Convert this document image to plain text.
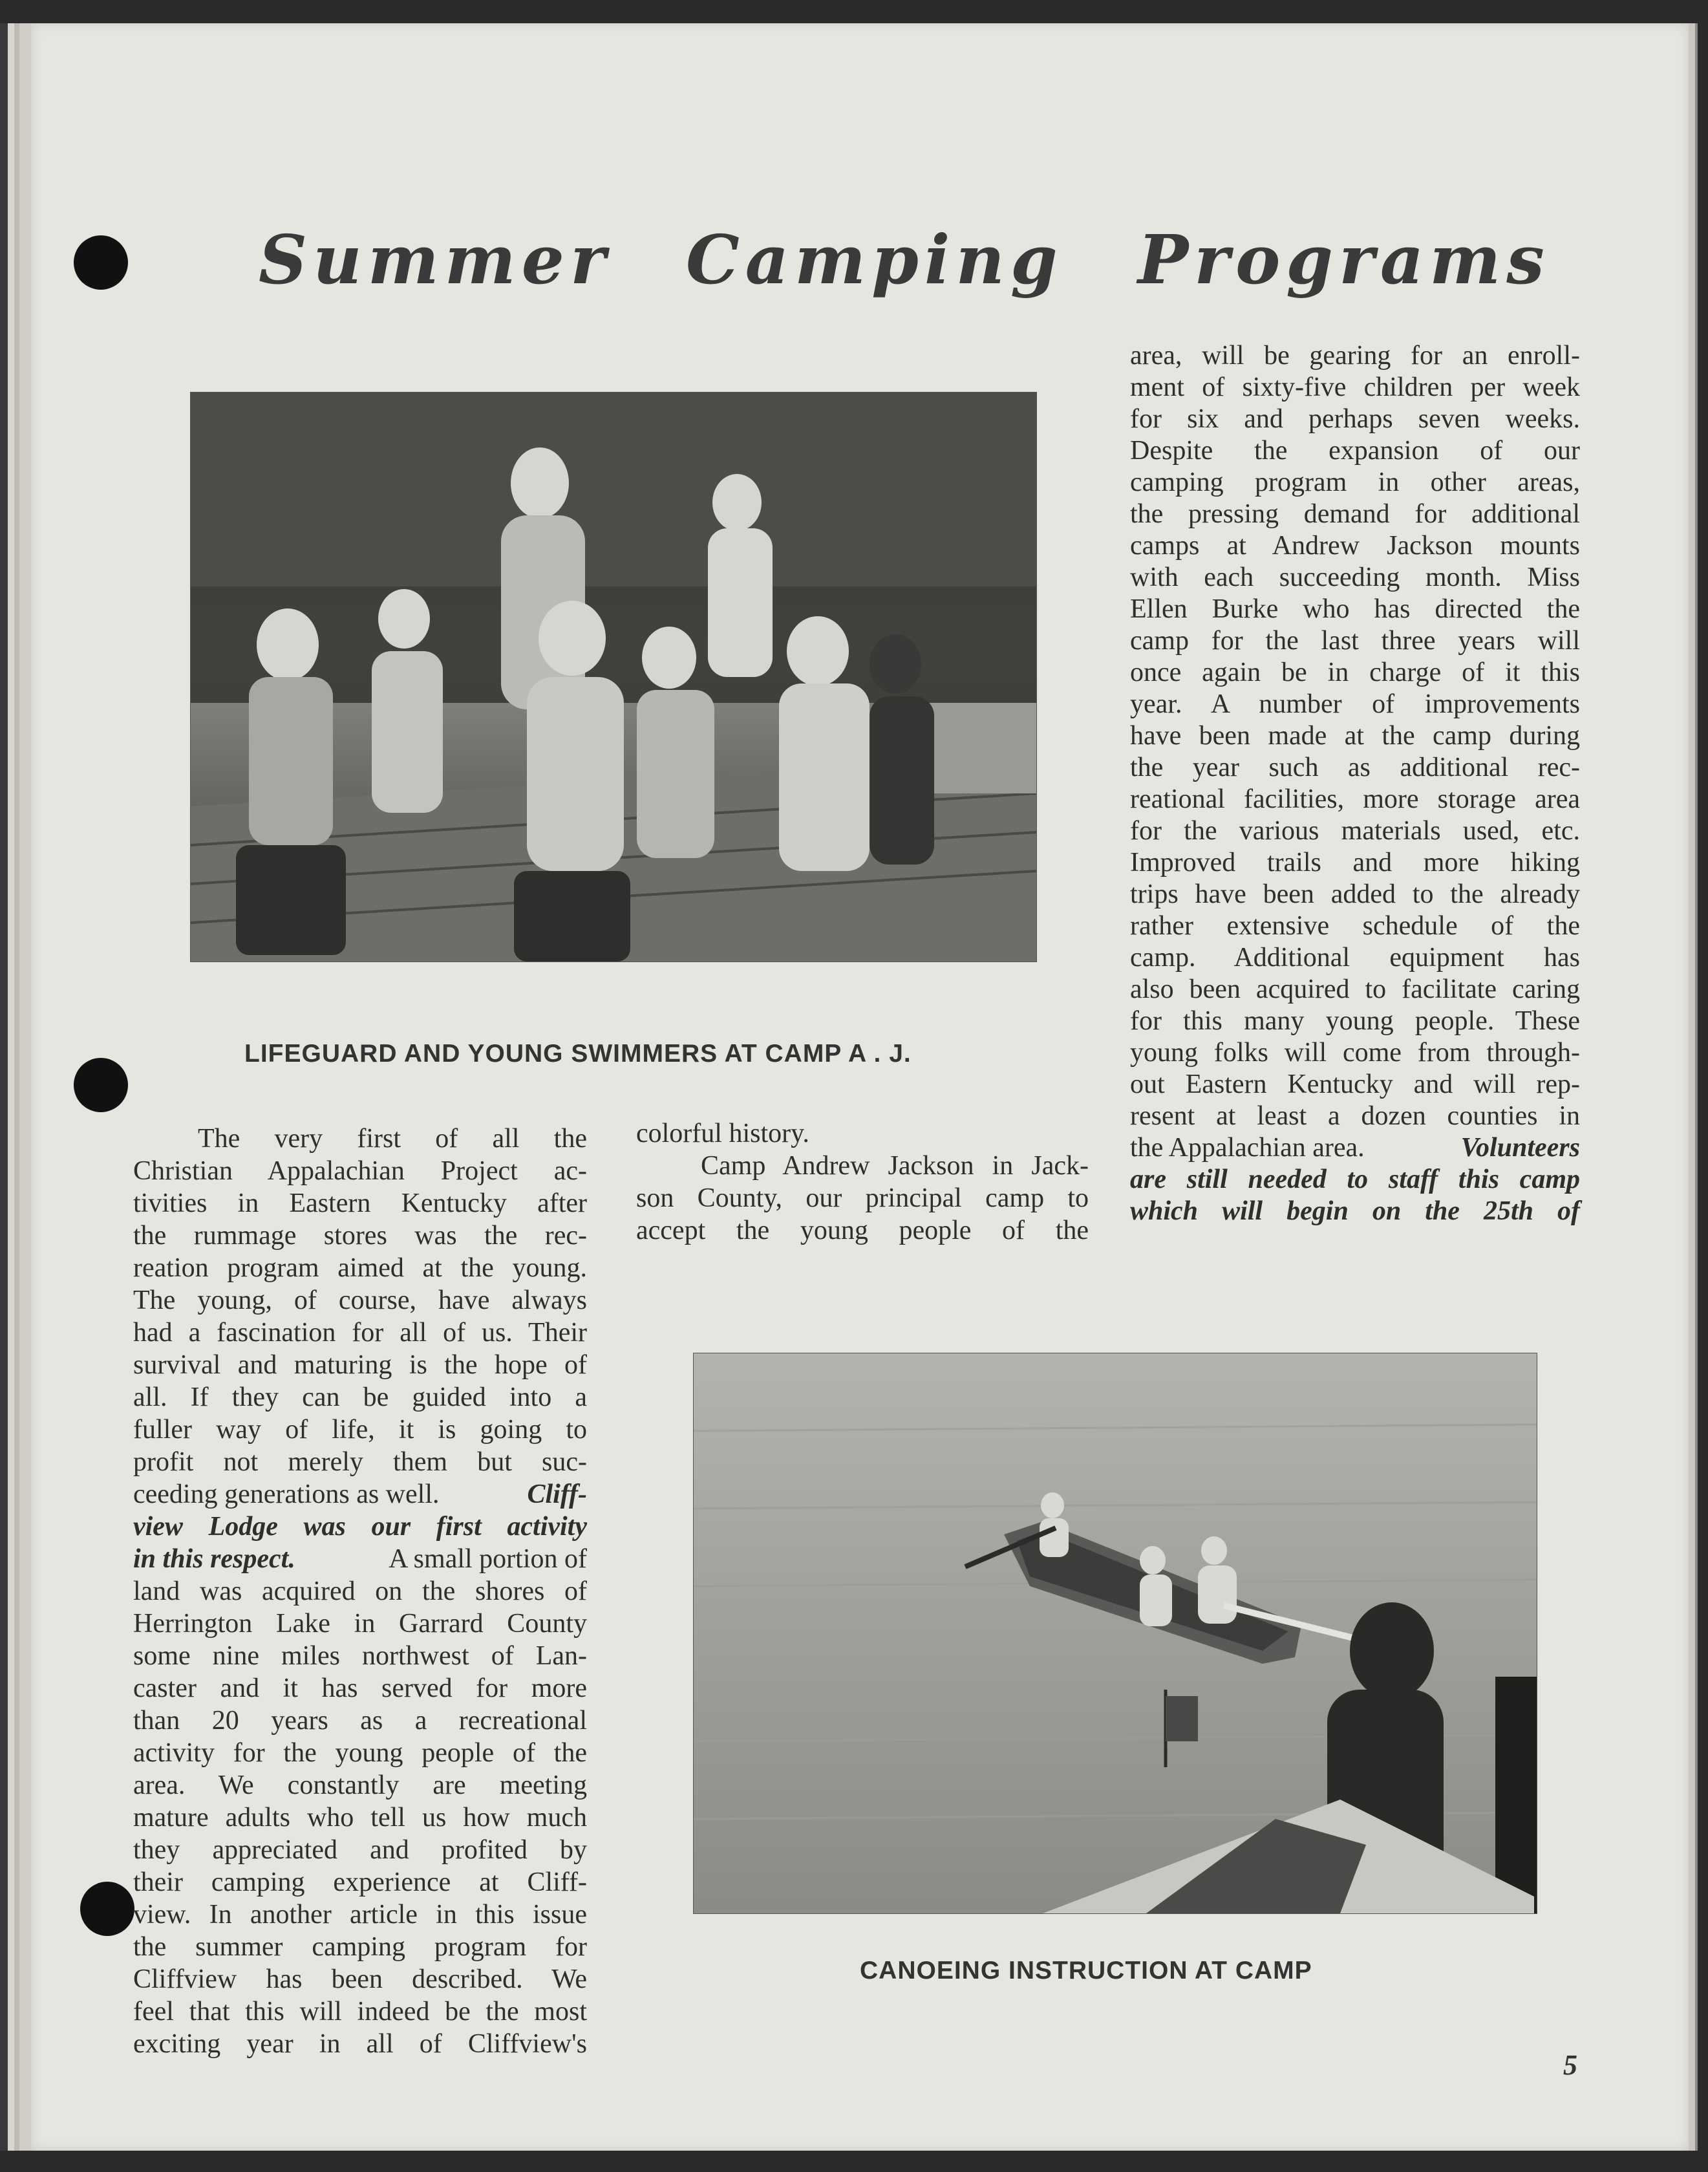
Summer Camping Programs
LIFEGUARD AND YOUNG SWIMMERS AT CAMP A . J.

The very first of all the
Christian Appalachian Project ac-
tivities in Eastern Kentucky after
the rummage stores was the rec-
reation program aimed at the young.
The young, of course, have always
had a fascination for all of us. Their
survival and maturing is the hope of
all. If they can be guided into a
fuller way of life, it is going to
profit not merely them but suc-
ceeding generations as well.	Cliff-
view Lodge was our first activity
in this respect.	A small portion of
land was acquired on the shores of
Herrington Lake in Garrard County
some nine miles northwest of Lan-
caster and it has served for more
than 20 years as a recreational
activity for the young people of the
area. We constantly are meeting
mature adults who tell us how much
they appreciated and profited by
their camping experience at Cliff-
view. In another article in this issue
the summer camping program for
Cliffview has been described. We
feel that this will indeed be the most
exciting year in all of Cliffview's

colorful history.
Camp Andrew Jackson in Jack-
son County, our principal camp to
accept the young people of the

area, will be gearing for an enroll-
ment of sixty-five children per week
for six and perhaps seven weeks.
Despite the expansion of our
camping program in other areas,
the pressing demand for additional
camps at Andrew Jackson mounts
with each succeeding month. Miss
Ellen Burke who has directed the
camp for the last three years will
once again be in charge of it this
year. A number of improvements
have been made at the camp during
the year such as additional rec-
reational facilities, more storage area
for the various materials used, etc.
Improved trails and more hiking
trips have been added to the already
rather extensive schedule of the
camp. Additional equipment has
also been acquired to facilitate caring
for this many young people. These
young folks will come from through-
out Eastern Kentucky and will rep-
resent at least a dozen counties in
the Appalachian area.	Volunteers
are still needed to staff this camp
which will begin on the 25th of

CANOEING INSTRUCTION AT CAMP
5
